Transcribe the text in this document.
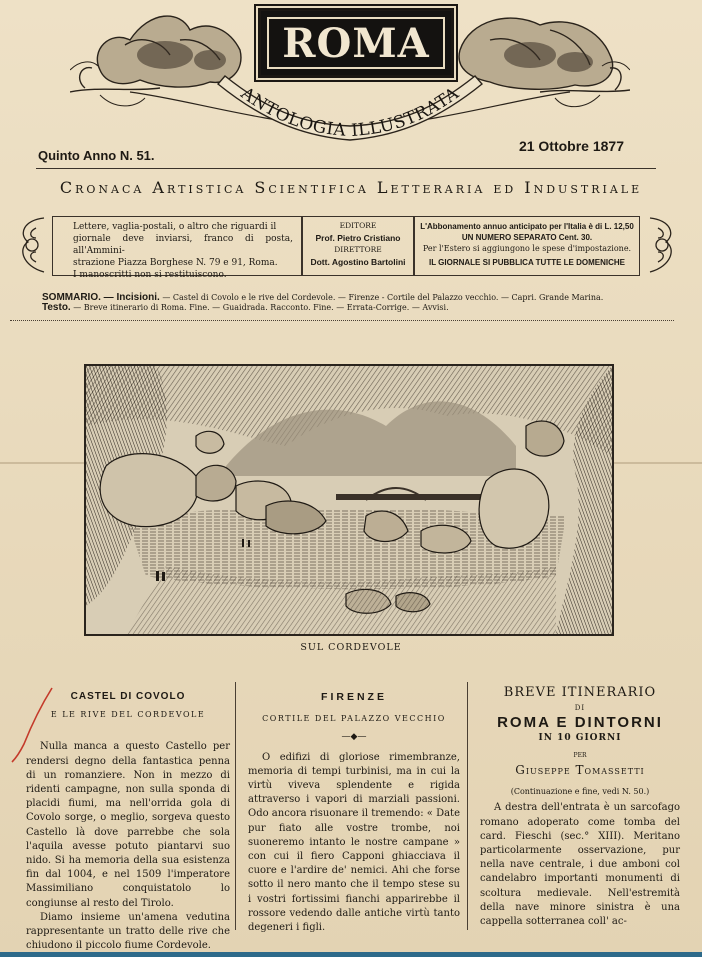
ROMA
ANTOLOGIA ILLUSTRATA
Quinto Anno N. 51.
21 Ottobre 1877
Cronaca Artistica Scientifica Letteraria ed Industriale
Lettere, vaglia-postali, o altro che riguardi il
giornale deve inviarsi, franco di posta, all'Ammini-
strazione Piazza Borghese N. 79 e 91, Roma.
I manoscritti non si restituiscono.
EDITORE
Prof. Pietro Cristiano
DIRETTORE
Dott. Agostino Bartolini
L'Abbonamento annuo anticipato per l'Italia è di L. 12,50
UN NUMERO SEPARATO Cent. 30.
Per l'Estero si aggiungono le spese d'impostazione.
IL GIORNALE SI PUBBLICA TUTTE LE DOMENICHE
SOMMARIO. — Incisioni. — Castel di Covolo e le rive del Cordevole. — Firenze - Cortile del Palazzo vecchio. — Capri. Grande Marina.
Testo. — Breve itinerario di Roma. Fine. — Guaidrada. Racconto. Fine. — Errata-Corrige. — Avvisi.
SUL CORDEVOLE
CASTEL DI COVOLO
E LE RIVE DEL CORDEVOLE

Nulla manca a questo Castello per rendersi degno della fantastica penna di un romanziere. Non in mezzo di ridenti campagne, non sulla sponda di placidi fiumi, ma nell'orrida gola di Covolo sorge, o meglio, sorgeva questo Castello là dove parrebbe che sola l'aquila avesse potuto piantarvi suo nido. Si ha memoria della sua esistenza fin dal 1004, e nel 1509 l'imperatore Massimiliano conquistatolo lo congiunse al resto del Tirolo.

Diamo insieme un'amena vedutina rappresentante un tratto delle rive che chiudono il piccolo fiume Cordevole.

FIRENZE
CORTILE DEL PALAZZO VECCHIO
—◆—

O edifizi di gloriose rimembranze, memoria di tempi turbinisi, ma in cui la virtù viveva splendente e rigida attraverso i vapori di marziali passioni. Odo ancora risuonare il tremendo: « Date pur fiato alle vostre trombe, noi suoneremo intanto le nostre campane » con cui il fiero Capponi ghiacciava il cuore e l'ardire de' nemici. Ahi che forse sotto il nero manto che il tempo stese su i vostri fortissimi fianchi apparirebbe il rossore vedendo dalle antiche virtù tanto degeneri i figli.

BREVE ITINERARIO
DI
ROMA E DINTORNI
IN 10 GIORNI
PER
Giuseppe Tomassetti
(Continuazione e fine, vedi N. 50.)

A destra dell'entrata è un sarcofago romano adoperato come tomba del card. Fieschi (sec.° XIII). Meritano particolarmente osservazione, pur nella nave centrale, i due amboni col candelabro importanti monumenti di scoltura medievale. Nell'estremità della nave minore sinistra è una cappella sotterranea coll' ac-
